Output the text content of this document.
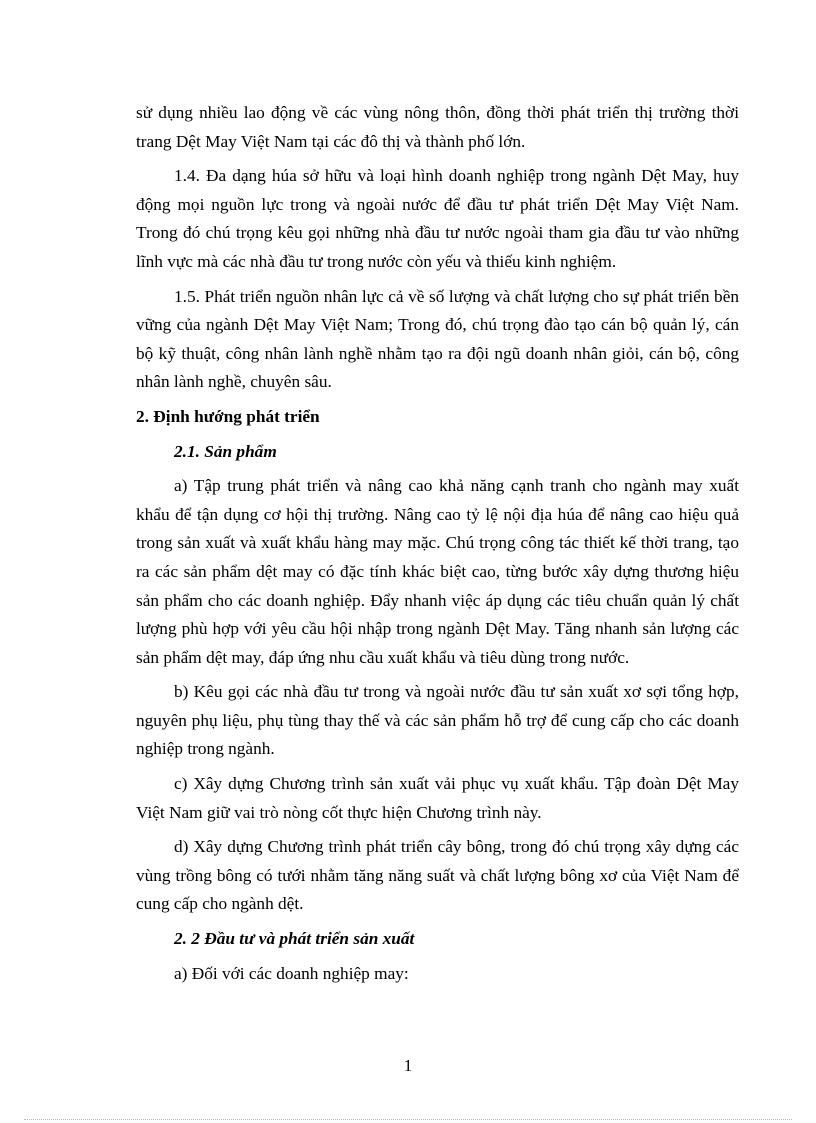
sử dụng nhiều lao động về các vùng nông thôn, đồng thời phát triển thị trường thời trang Dệt May Việt Nam tại các đô thị và thành phố lớn.

1.4. Đa dạng húa sở hữu và loại hình doanh nghiệp trong ngành Dệt May, huy động mọi nguồn lực trong và ngoài nước để đầu tư phát triển Dệt May Việt Nam. Trong đó chú trọng kêu gọi những nhà đầu tư nước ngoài tham gia đầu tư vào những lĩnh vực mà các nhà đầu tư trong nước còn yếu và thiếu kinh nghiệm.

1.5. Phát triển nguồn nhân lực cả về số lượng và chất lượng cho sự phát triển bền vững của ngành Dệt May Việt Nam; Trong đó, chú trọng đào tạo cán bộ quản lý, cán bộ kỹ thuật, công nhân lành nghề nhằm tạo ra đội ngũ doanh nhân giỏi, cán bộ, công nhân lành nghề, chuyên sâu.

2. Định hướng phát triển
2.1. Sản phẩm

a) Tập trung phát triển và nâng cao khả năng cạnh tranh cho ngành may xuất khẩu để tận dụng cơ hội thị trường. Nâng cao tỷ lệ nội địa húa để nâng cao hiệu quả trong sản xuất và xuất khẩu hàng may mặc. Chú trọng công tác thiết kế thời trang, tạo ra các sản phẩm dệt may có đặc tính khác biệt cao, từng bước xây dựng thương hiệu sản phẩm cho các doanh nghiệp. Đẩy nhanh việc áp dụng các tiêu chuẩn quản lý chất lượng phù hợp với yêu cầu hội nhập trong ngành Dệt May. Tăng nhanh sản lượng các sản phẩm dệt may, đáp ứng nhu cầu xuất khẩu và tiêu dùng trong nước.

b) Kêu gọi các nhà đầu tư trong và ngoài nước đầu tư sản xuất xơ sợi tổng hợp, nguyên phụ liệu, phụ tùng thay thế và các sản phẩm hỗ trợ để cung cấp cho các doanh nghiệp trong ngành.

c) Xây dựng Chương trình sản xuất vải phục vụ xuất khẩu. Tập đoàn Dệt May Việt Nam giữ vai trò nòng cốt thực hiện Chương trình này.

d) Xây dựng Chương trình phát triển cây bông, trong đó chú trọng xây dựng các vùng trồng bông có tưới nhằm tăng năng suất và chất lượng bông xơ của Việt Nam để cung cấp cho ngành dệt.

2. 2 Đầu tư và phát triển sản xuất

a) Đối với các doanh nghiệp may:

1
